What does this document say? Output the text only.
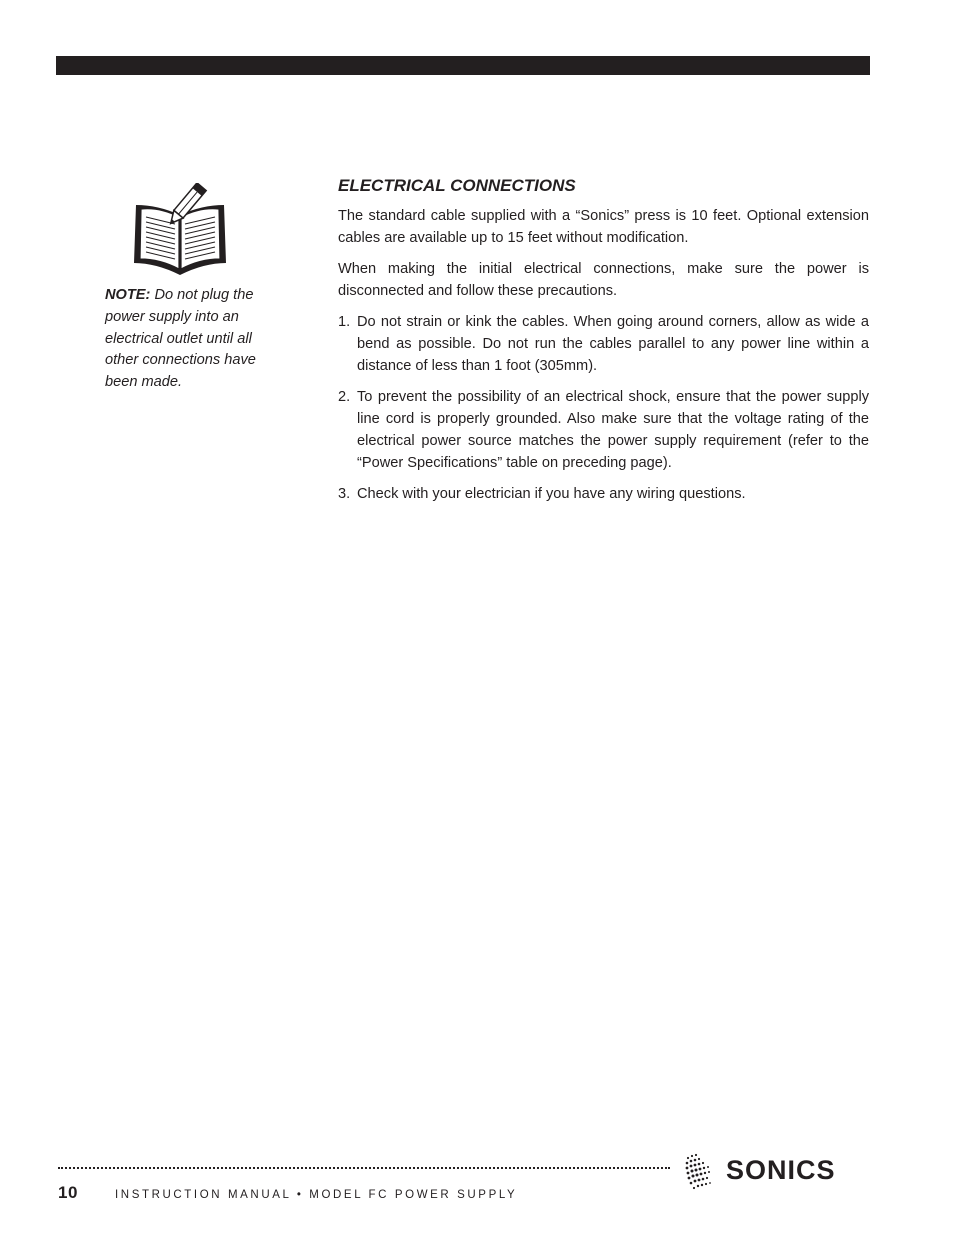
NOTE: Do not plug the power supply into an electrical outlet until all other connections have been made.
ELECTRICAL CONNECTIONS

The standard cable supplied with a “Sonics” press is 10 feet. Optional extension cables are available up to 15 feet without modification.

When making the initial electrical connections, make sure the power is disconnected and follow these precautions.

1. Do not strain or kink the cables. When going around corners, allow as wide a bend as possible. Do not run the cables parallel to any power line within a distance of less than 1 foot (305mm).
2. To prevent the possibility of an electrical shock, ensure that the power supply line cord is properly grounded. Also make sure that the voltage rating of the electrical power source matches the power supply requirement (refer to the “Power Specifications” table on preceding page).
3. Check with your electrician if you have any wiring questions.
10	INSTRUCTION MANUAL • MODEL FC POWER SUPPLY
SONICS
